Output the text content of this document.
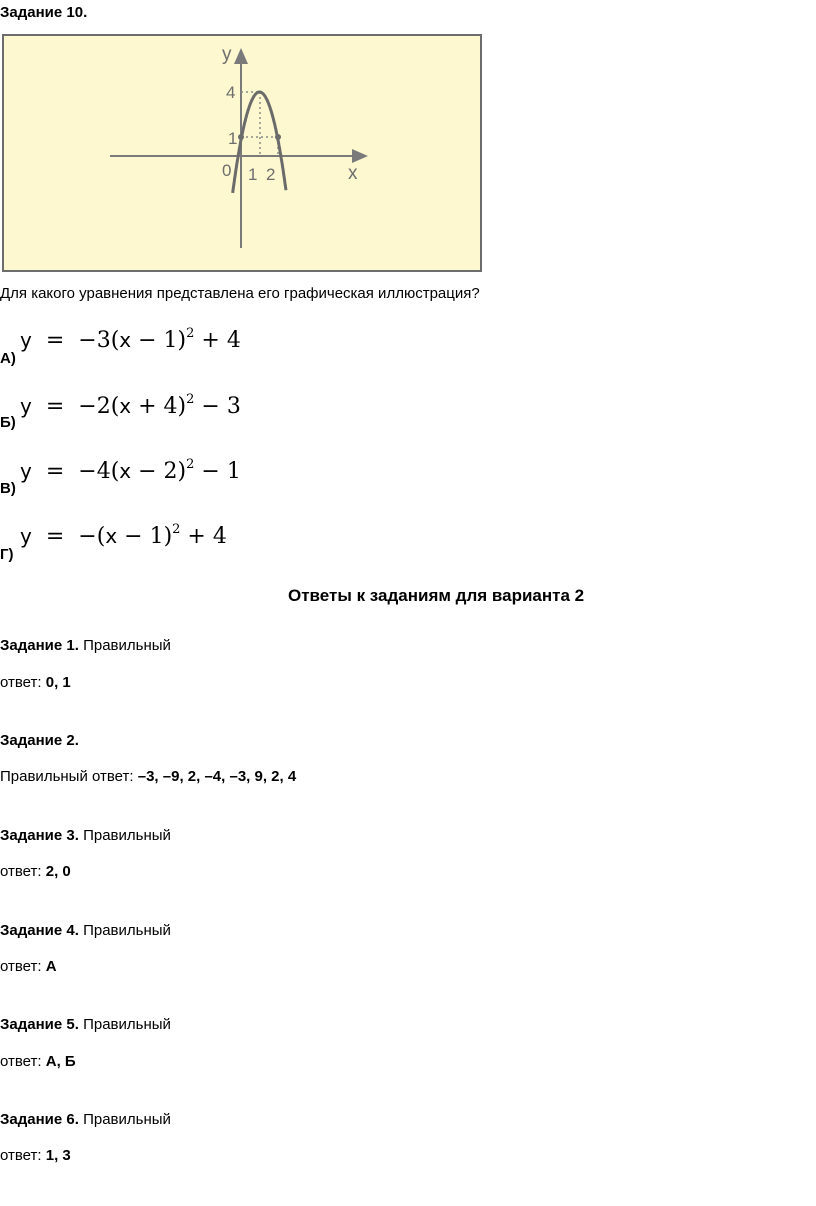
Задание 10.
y
x
0 1 2
1
4
Для какого уравнения представлена его графическая иллюстрация?
А)
$y = -3(x - 1)^2 + 4$
Б)
$y = -2(x + 4)^2 - 3$
В)
$y = -4(x - 2)^2 - 1$
Г)
$y = -(x - 1)^2 + 4$
Ответы к заданиям для варианта 2
Задание 1. Правильный
ответ: 0, 1
Задание 2.
Правильный ответ: –3, –9, 2, –4, –3, 9, 2, 4
Задание 3. Правильный
ответ: 2, 0
Задание 4. Правильный
ответ: А
Задание 5. Правильный
ответ: А, Б
Задание 6. Правильный
ответ: 1, 3
